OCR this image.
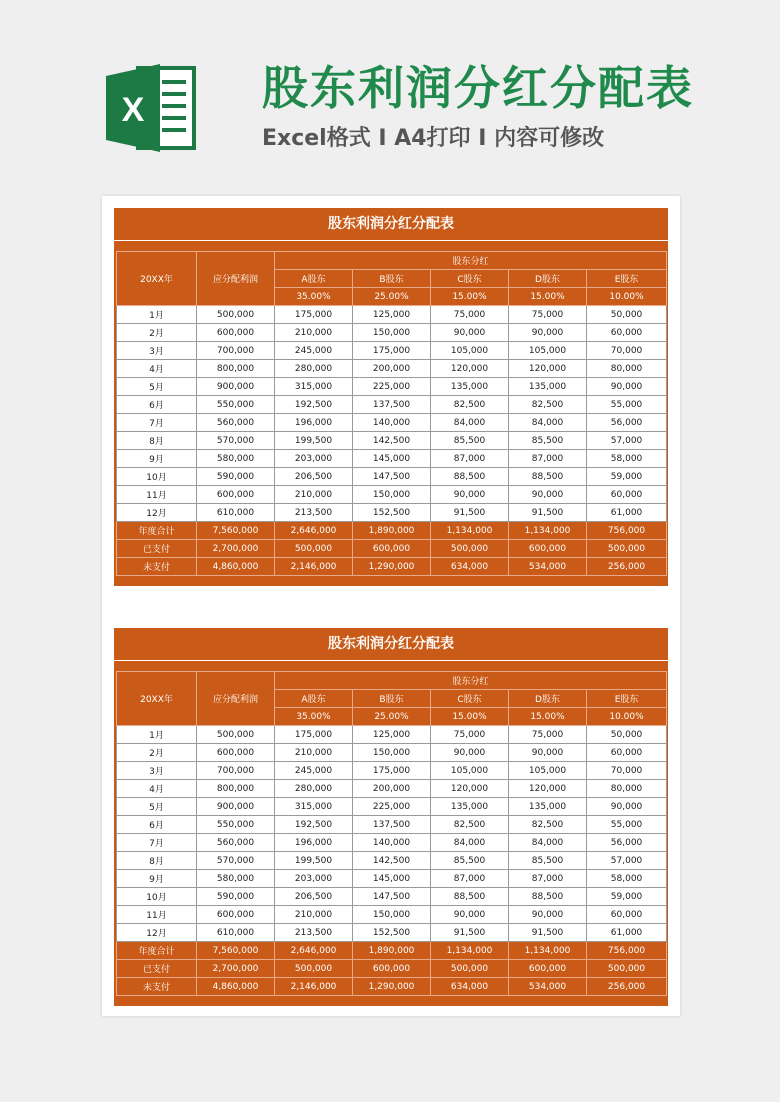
X	股东利润分红分配表
Excel格式 I A4打印 I 内容可修改
股东利润分红分配表
20XX年	应分配利润	股东分红				
		A股东	B股东	C股东	D股东	E股东
		35.00%	25.00%	15.00%	15.00%	10.00%
1月	500,000	175,000	125,000	75,000	75,000	50,000
2月	600,000	210,000	150,000	90,000	90,000	60,000
3月	700,000	245,000	175,000	105,000	105,000	70,000
4月	800,000	280,000	200,000	120,000	120,000	80,000
5月	900,000	315,000	225,000	135,000	135,000	90,000
6月	550,000	192,500	137,500	82,500	82,500	55,000
7月	560,000	196,000	140,000	84,000	84,000	56,000
8月	570,000	199,500	142,500	85,500	85,500	57,000
9月	580,000	203,000	145,000	87,000	87,000	58,000
10月	590,000	206,500	147,500	88,500	88,500	59,000
11月	600,000	210,000	150,000	90,000	90,000	60,000
12月	610,000	213,500	152,500	91,500	91,500	61,000
年度合计	7,560,000	2,646,000	1,890,000	1,134,000	1,134,000	756,000
已支付	2,700,000	500,000	600,000	500,000	600,000	500,000
未支付	4,860,000	2,146,000	1,290,000	634,000	534,000	256,000
股东利润分红分配表
20XX年	应分配利润	股东分红				
		A股东	B股东	C股东	D股东	E股东
		35.00%	25.00%	15.00%	15.00%	10.00%
1月	500,000	175,000	125,000	75,000	75,000	50,000
2月	600,000	210,000	150,000	90,000	90,000	60,000
3月	700,000	245,000	175,000	105,000	105,000	70,000
4月	800,000	280,000	200,000	120,000	120,000	80,000
5月	900,000	315,000	225,000	135,000	135,000	90,000
6月	550,000	192,500	137,500	82,500	82,500	55,000
7月	560,000	196,000	140,000	84,000	84,000	56,000
8月	570,000	199,500	142,500	85,500	85,500	57,000
9月	580,000	203,000	145,000	87,000	87,000	58,000
10月	590,000	206,500	147,500	88,500	88,500	59,000
11月	600,000	210,000	150,000	90,000	90,000	60,000
12月	610,000	213,500	152,500	91,500	91,500	61,000
年度合计	7,560,000	2,646,000	1,890,000	1,134,000	1,134,000	756,000
已支付	2,700,000	500,000	600,000	500,000	600,000	500,000
未支付	4,860,000	2,146,000	1,290,000	634,000	534,000	256,000
